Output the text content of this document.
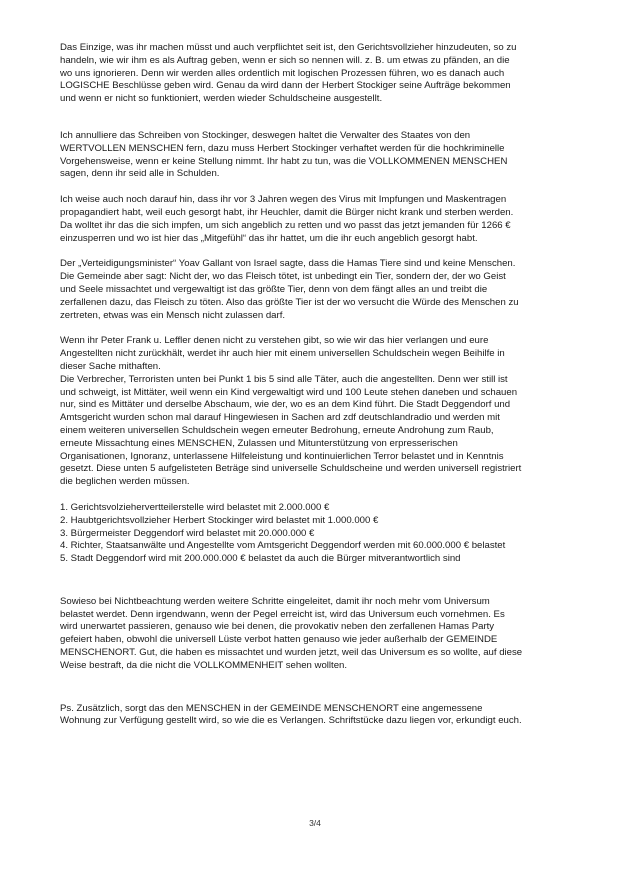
Das Einzige, was ihr machen müsst und auch verpflichtet seit ist, den Gerichtsvollzieher hinzudeuten, so zu
handeln, wie wir ihm es als Auftrag geben, wenn er sich so nennen will. z. B. um etwas zu pfänden, an die
wo uns ignorieren. Denn wir werden alles ordentlich mit logischen Prozessen führen, wo es danach auch
LOGISCHE Beschlüsse geben wird. Genau da wird dann der Herbert Stockiger seine Aufträge bekommen
und wenn er nicht so funktioniert, werden wieder Schuldscheine ausgestellt.

Ich annulliere das Schreiben von Stockinger, deswegen haltet die Verwalter des Staates von den
WERTVOLLEN MENSCHEN fern, dazu muss Herbert Stockinger verhaftet werden für die hochkriminelle
Vorgehensweise, wenn er keine Stellung nimmt. Ihr habt zu tun, was die VOLLKOMMENEN MENSCHEN
sagen, denn ihr seid alle in Schulden.

Ich weise auch noch darauf hin, dass ihr vor 3 Jahren wegen des Virus mit Impfungen und Maskentragen
propagandiert habt, weil euch gesorgt habt, ihr Heuchler, damit die Bürger nicht krank und sterben werden.
Da wolltet ihr das die sich impfen, um sich angeblich zu retten und wo passt das jetzt jemanden für 1266 €
einzusperren und wo ist hier das „Mitgefühl“ das ihr hattet, um die ihr euch angeblich gesorgt habt.

Der „Verteidigungsminister“ Yoav Gallant von Israel sagte, dass die Hamas Tiere sind und keine Menschen.
Die Gemeinde aber sagt: Nicht der, wo das Fleisch tötet, ist unbedingt ein Tier, sondern der, der wo Geist
und Seele missachtet und vergewaltigt ist das größte Tier, denn von dem fängt alles an und treibt die
zerfallenen dazu, das Fleisch zu töten. Also das größte Tier ist der wo versucht die Würde des Menschen zu
zertreten, etwas was ein Mensch nicht zulassen darf.

Wenn ihr Peter Frank u. Leffler denen nicht zu verstehen gibt, so wie wir das hier verlangen und eure
Angestellten nicht zurückhält, werdet ihr auch hier mit einem universellen Schuldschein wegen Beihilfe in
dieser Sache mithaften.
Die Verbrecher, Terroristen unten bei Punkt 1 bis 5 sind alle Täter, auch die angestellten. Denn wer still ist
und schweigt, ist Mittäter, weil wenn ein Kind vergewaltigt wird und 100 Leute stehen daneben und schauen
nur, sind es Mittäter und derselbe Abschaum, wie der, wo es an dem Kind führt. Die Stadt Deggendorf und
Amtsgericht wurden schon mal darauf Hingewiesen in Sachen ard zdf deutschlandradio und werden mit
einem weiteren universellen Schuldschein wegen erneuter Bedrohung, erneute Androhung zum Raub,
erneute Missachtung eines MENSCHEN, Zulassen und Mitunterstützung von erpresserischen
Organisationen, Ignoranz, unterlassene Hilfeleistung und kontinuierlichen Terror belastet und in Kenntnis
gesetzt. Diese unten 5 aufgelisteten Beträge sind universelle Schuldscheine und werden universell registriert
die beglichen werden müssen.

1. Gerichtsvolziehervertteilerstelle wird belastet mit 2.000.000 €
2. Haubtgerichtsvollzieher Herbert Stockinger wird belastet mit 1.000.000 €
3. Bürgermeister Deggendorf wird belastet mit 20.000.000 €
4. Richter, Staatsanwälte und Angestellte vom Amtsgericht Deggendorf werden mit 60.000.000 € belastet
5. Stadt Deggendorf wird mit 200.000.000 € belastet da auch die Bürger mitverantwortlich sind

Sowieso bei Nichtbeachtung werden weitere Schritte eingeleitet, damit ihr noch mehr vom Universum
belastet werdet. Denn irgendwann, wenn der Pegel erreicht ist, wird das Universum euch vornehmen. Es
wird unerwartet passieren, genauso wie bei denen, die provokativ neben den zerfallenen Hamas Party
gefeiert haben, obwohl die universell Lüste verbot hatten genauso wie jeder außerhalb der GEMEINDE
MENSCHENORT. Gut, die haben es missachtet und wurden jetzt, weil das Universum es so wollte, auf diese
Weise bestraft, da die nicht die VOLLKOMMENHEIT sehen wollten.

Ps. Zusätzlich, sorgt das den MENSCHEN in der GEMEINDE MENSCHENORT eine angemessene
Wohnung zur Verfügung gestellt wird, so wie die es Verlangen. Schriftstücke dazu liegen vor, erkundigt euch.

3/4
